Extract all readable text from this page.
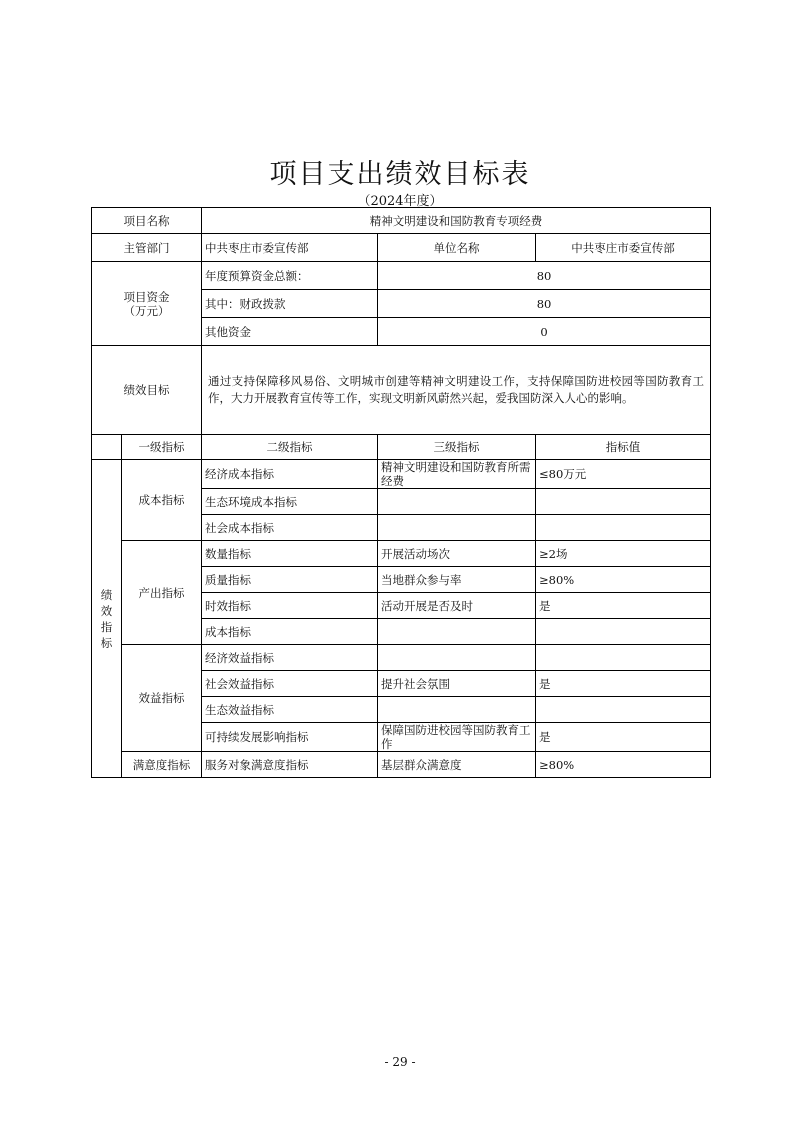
项目支出绩效目标表
（2024年度）
项目名称		精神文明建设和国防教育专项经费		
主管部门		中共枣庄市委宣传部	单位名称	中共枣庄市委宣传部

项目资金
（万元）		年度预算资金总额：	80	
		其中：财政拨款	80	
		其他资金	0	
绩效目标		通过支持保障移风易俗、文明城市创建等精神文明建设工作，支持保障国防进校园等国防教育工作，大力开展教育宣传等工作，实现文明新风蔚然兴起，爱我国防深入人心的影响。		
	一级指标	二级指标	三级指标	指标值

绩
效
指
标	成本指标	经济成本指标	精神文明建设和国防教育所需经费	≤80万元
		生态环境成本指标		
		社会成本指标		
	产出指标	数量指标	开展活动场次	≥2场
		质量指标	当地群众参与率	≥80%
		时效指标	活动开展是否及时	是
		成本指标		
	效益指标	经济效益指标		
		社会效益指标	提升社会氛围	是
		生态效益指标		
		可持续发展影响指标	保障国防进校园等国防教育工作	是
	满意度指标	服务对象满意度指标	基层群众满意度	≥80%
- 29 -
